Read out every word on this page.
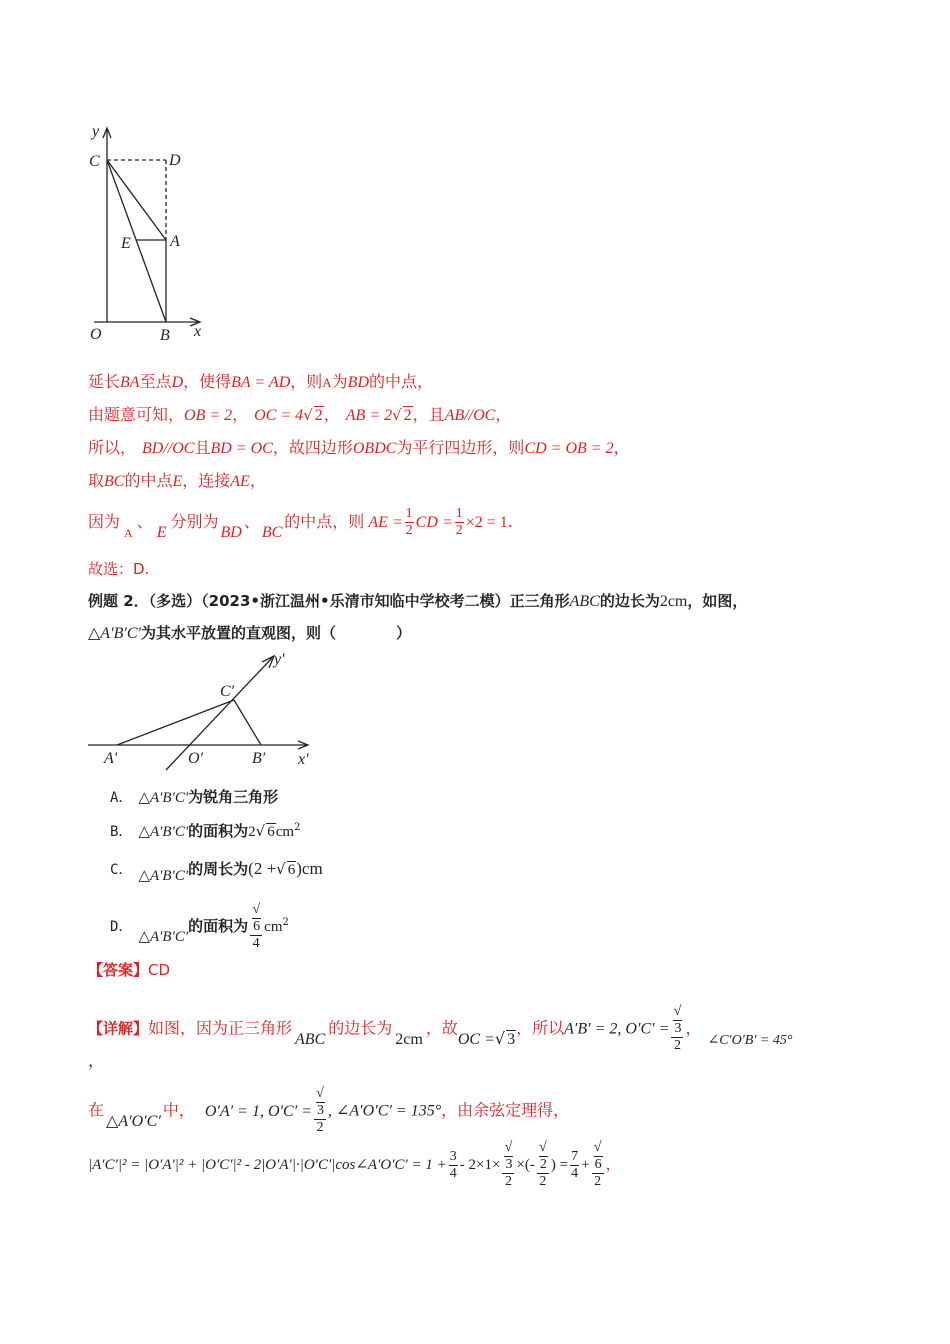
y
x
O	B
C	D
E A
延长BA至点D，使得BA = AD，则A为BD的中点，
由题意可知，OB = 2， OC = 4√ 2， AB = 2√ 2，且AB//OC，
所以， BD//OC且BD = OC，故四边形OBDC为平行四边形，则CD = OB = 2，
取BC的中点E，连接AE，
因为$_A$、E分别为BD、BC的中点，则 AE = $\frac{1}{2}$ CD = $\frac{1}{2} \times 2 = 1$.
故选：D.
例题 2．（多选）（2023•浙江温州•乐清市知临中学校考二模）正三角形ABC的边长为2cm，如图，
△A′B′C′为其水平放置的直观图，则（　　　　）
y′
x′
A′	O′	B′
C′
A． △A′B′C′为锐角三角形
B． △A′B′C′的面积为2√ $6cm^2$
C． △A′B′C′的周长为(2 +√ 6)cm
D．△A′B′C′的面积为 √
6
4 $cm^2$
【答案】CD
【详解】如图，因为正三角形ABC的边长为2cm，故OC =√ 3，所以A′B′ = 2, O′C′ = √
3
2 ，∠C′O′B′ = 45°
，
在△A′O′C′中， O′A′ = 1, O′C′ = √
3
2 , ∠A′O′C′ = 135°，由余弦定理得，
|A′C′|² = |O′A′|² + |O′C′|² - 2|O′A′|·|O′C′|cos∠A′O′C′ = $1 + \frac{3}{4} - 2\times 1\times$ √
3
2 ×(- √
2
2 ) = $\frac{7}{4}$ + √
6
2 ，
